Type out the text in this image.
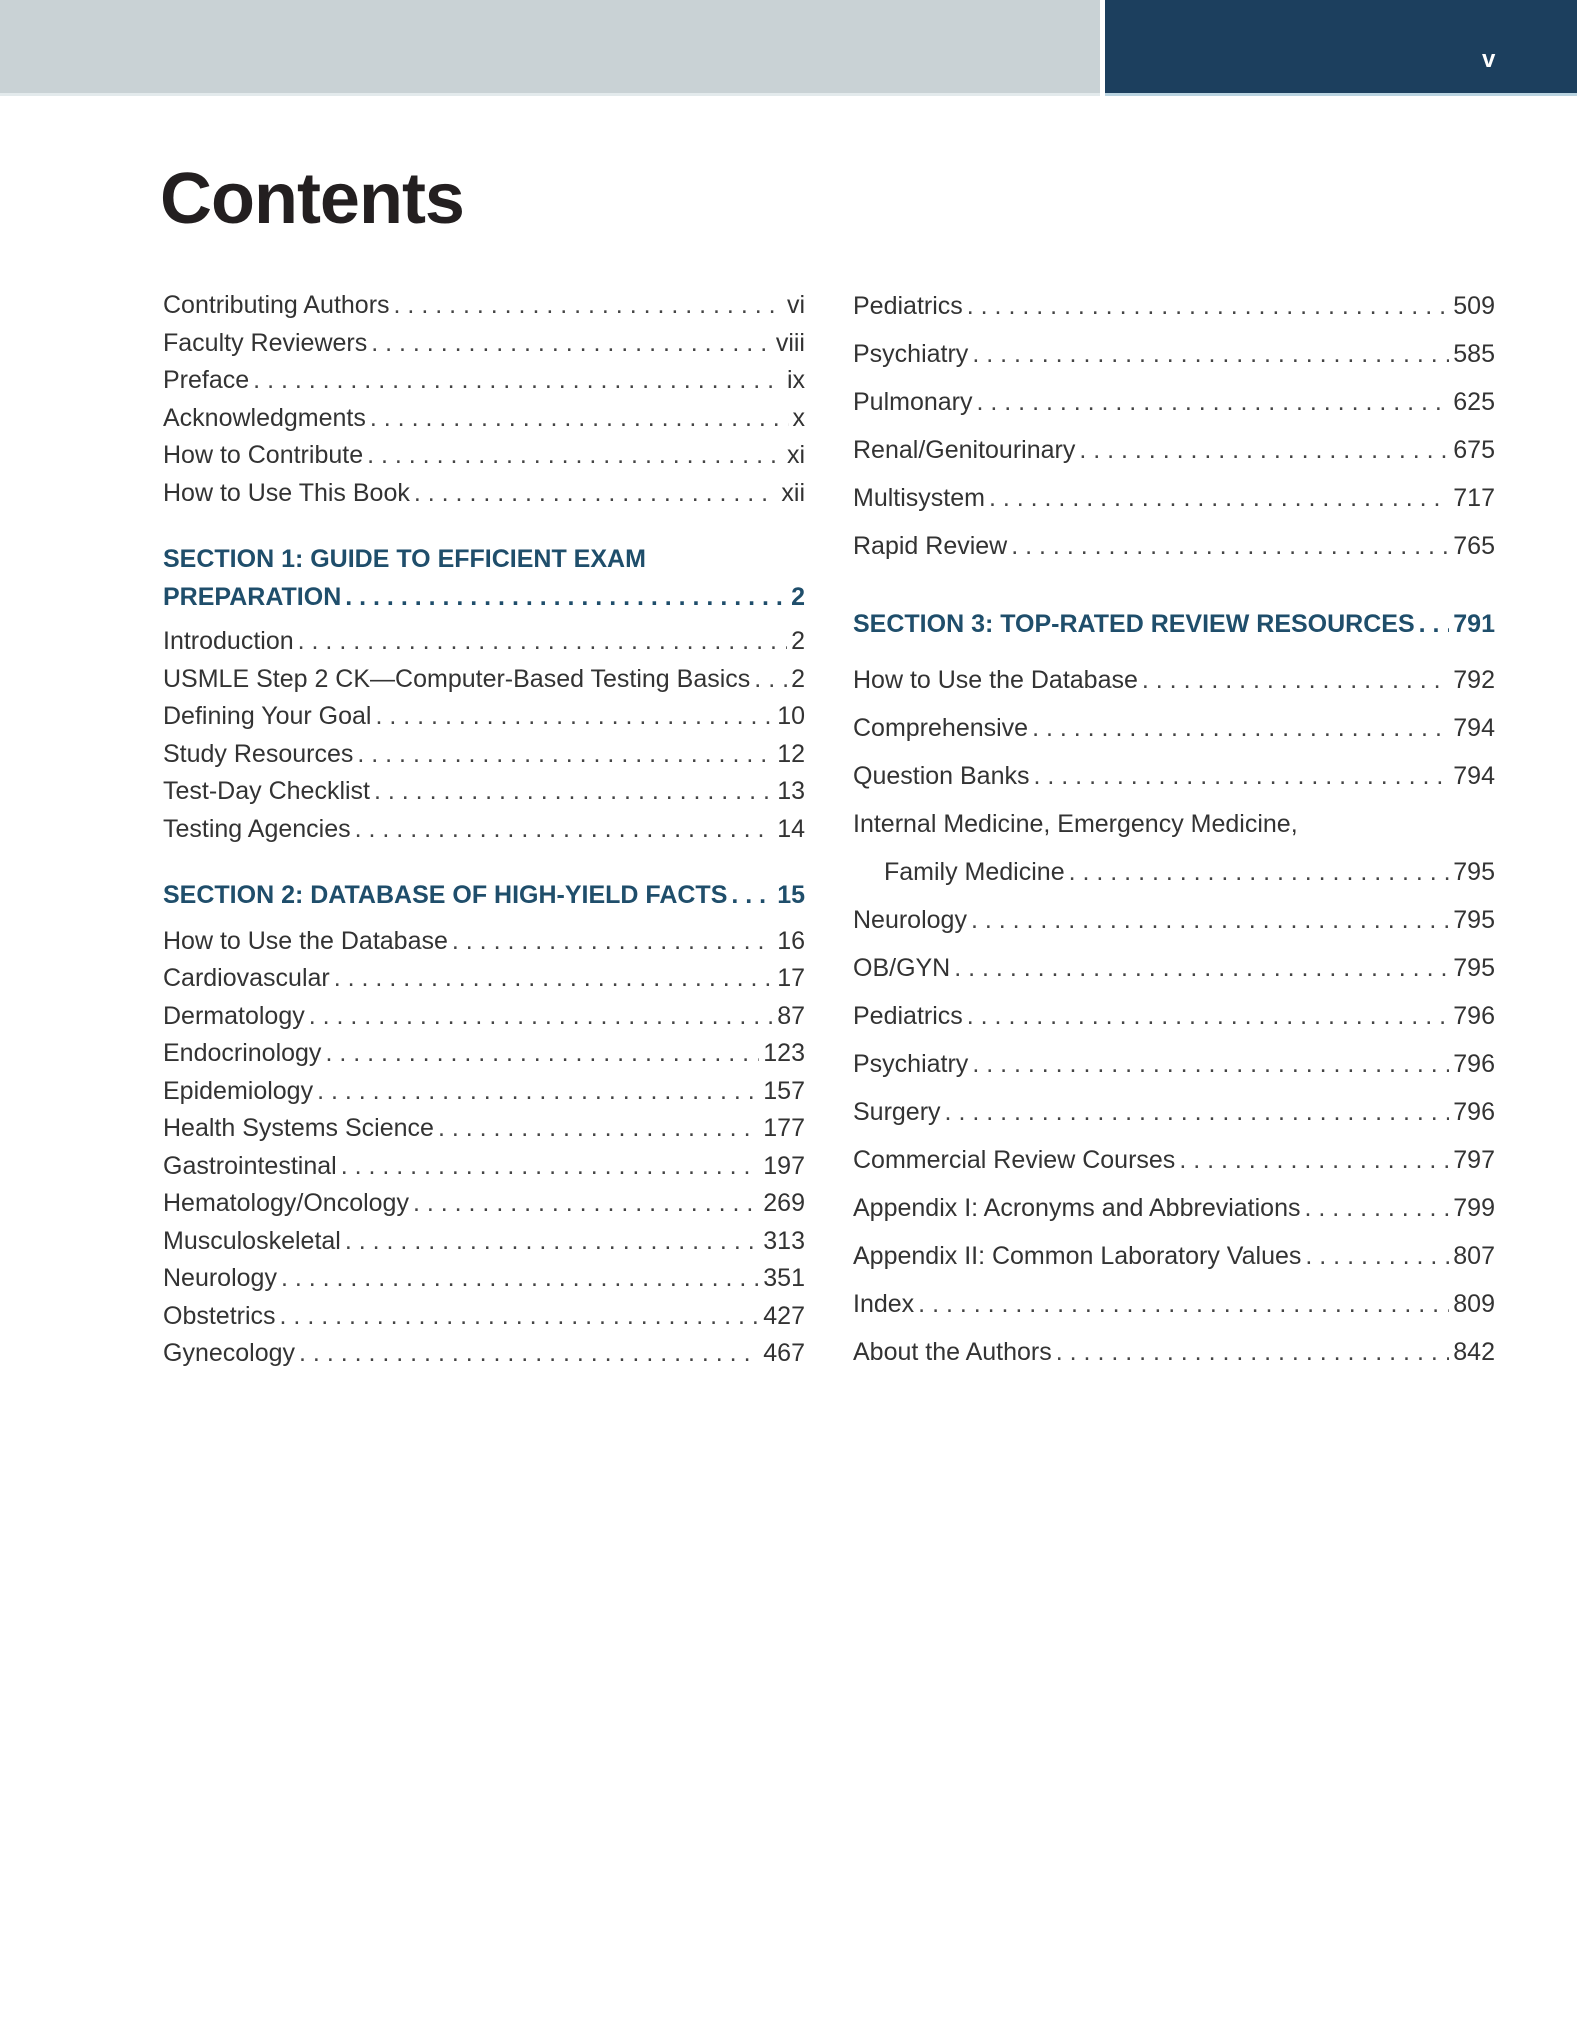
v
Contents
Contributing Authors . . .	vi
Faculty Reviewers . . .	viii
Preface . . .	ix
Acknowledgments . . .	x
How to Contribute . . .	xi
How to Use This Book . . .	xii
SECTION 1: GUIDE TO EFFICIENT EXAM
PREPARATION . . .	2
Introduction . . .	2
USMLE Step 2 CK—Computer-Based Testing Basics . . . 2
Defining Your Goal . . .	10
Study Resources . . .	12
Test-Day Checklist . . .	13
Testing Agencies . . .	14
SECTION 2: DATABASE OF HIGH-YIELD FACTS . . . 15
How to Use the Database . . .	16
Cardiovascular . . .	17
Dermatology . . .	87
Endocrinology . . .	123
Epidemiology . . .	157
Health Systems Science . . .	177
Gastrointestinal . . .	197
Hematology/Oncology . . .	269
Musculoskeletal . . .	313
Neurology . . .	351
Obstetrics . . .	427
Gynecology . . .	467
Pediatrics . . .	509
Psychiatry . . .	585
Pulmonary . . .	625
Renal/Genitourinary . . .	675
Multisystem . . .	717
Rapid Review . . .	765
SECTION 3: TOP-RATED REVIEW RESOURCES . . . 791
How to Use the Database . . .	792
Comprehensive . . .	794
Question Banks . . .	794
Internal Medicine, Emergency Medicine,
Family Medicine . . .	795
Neurology . . .	795
OB/GYN . . .	795
Pediatrics . . .	796
Psychiatry . . .	796
Surgery . . .	796
Commercial Review Courses . . .	797
Appendix I: Acronyms and Abbreviations . . .	799
Appendix II: Common Laboratory Values . . .	807
Index . . .	809
About the Authors . . .	842
